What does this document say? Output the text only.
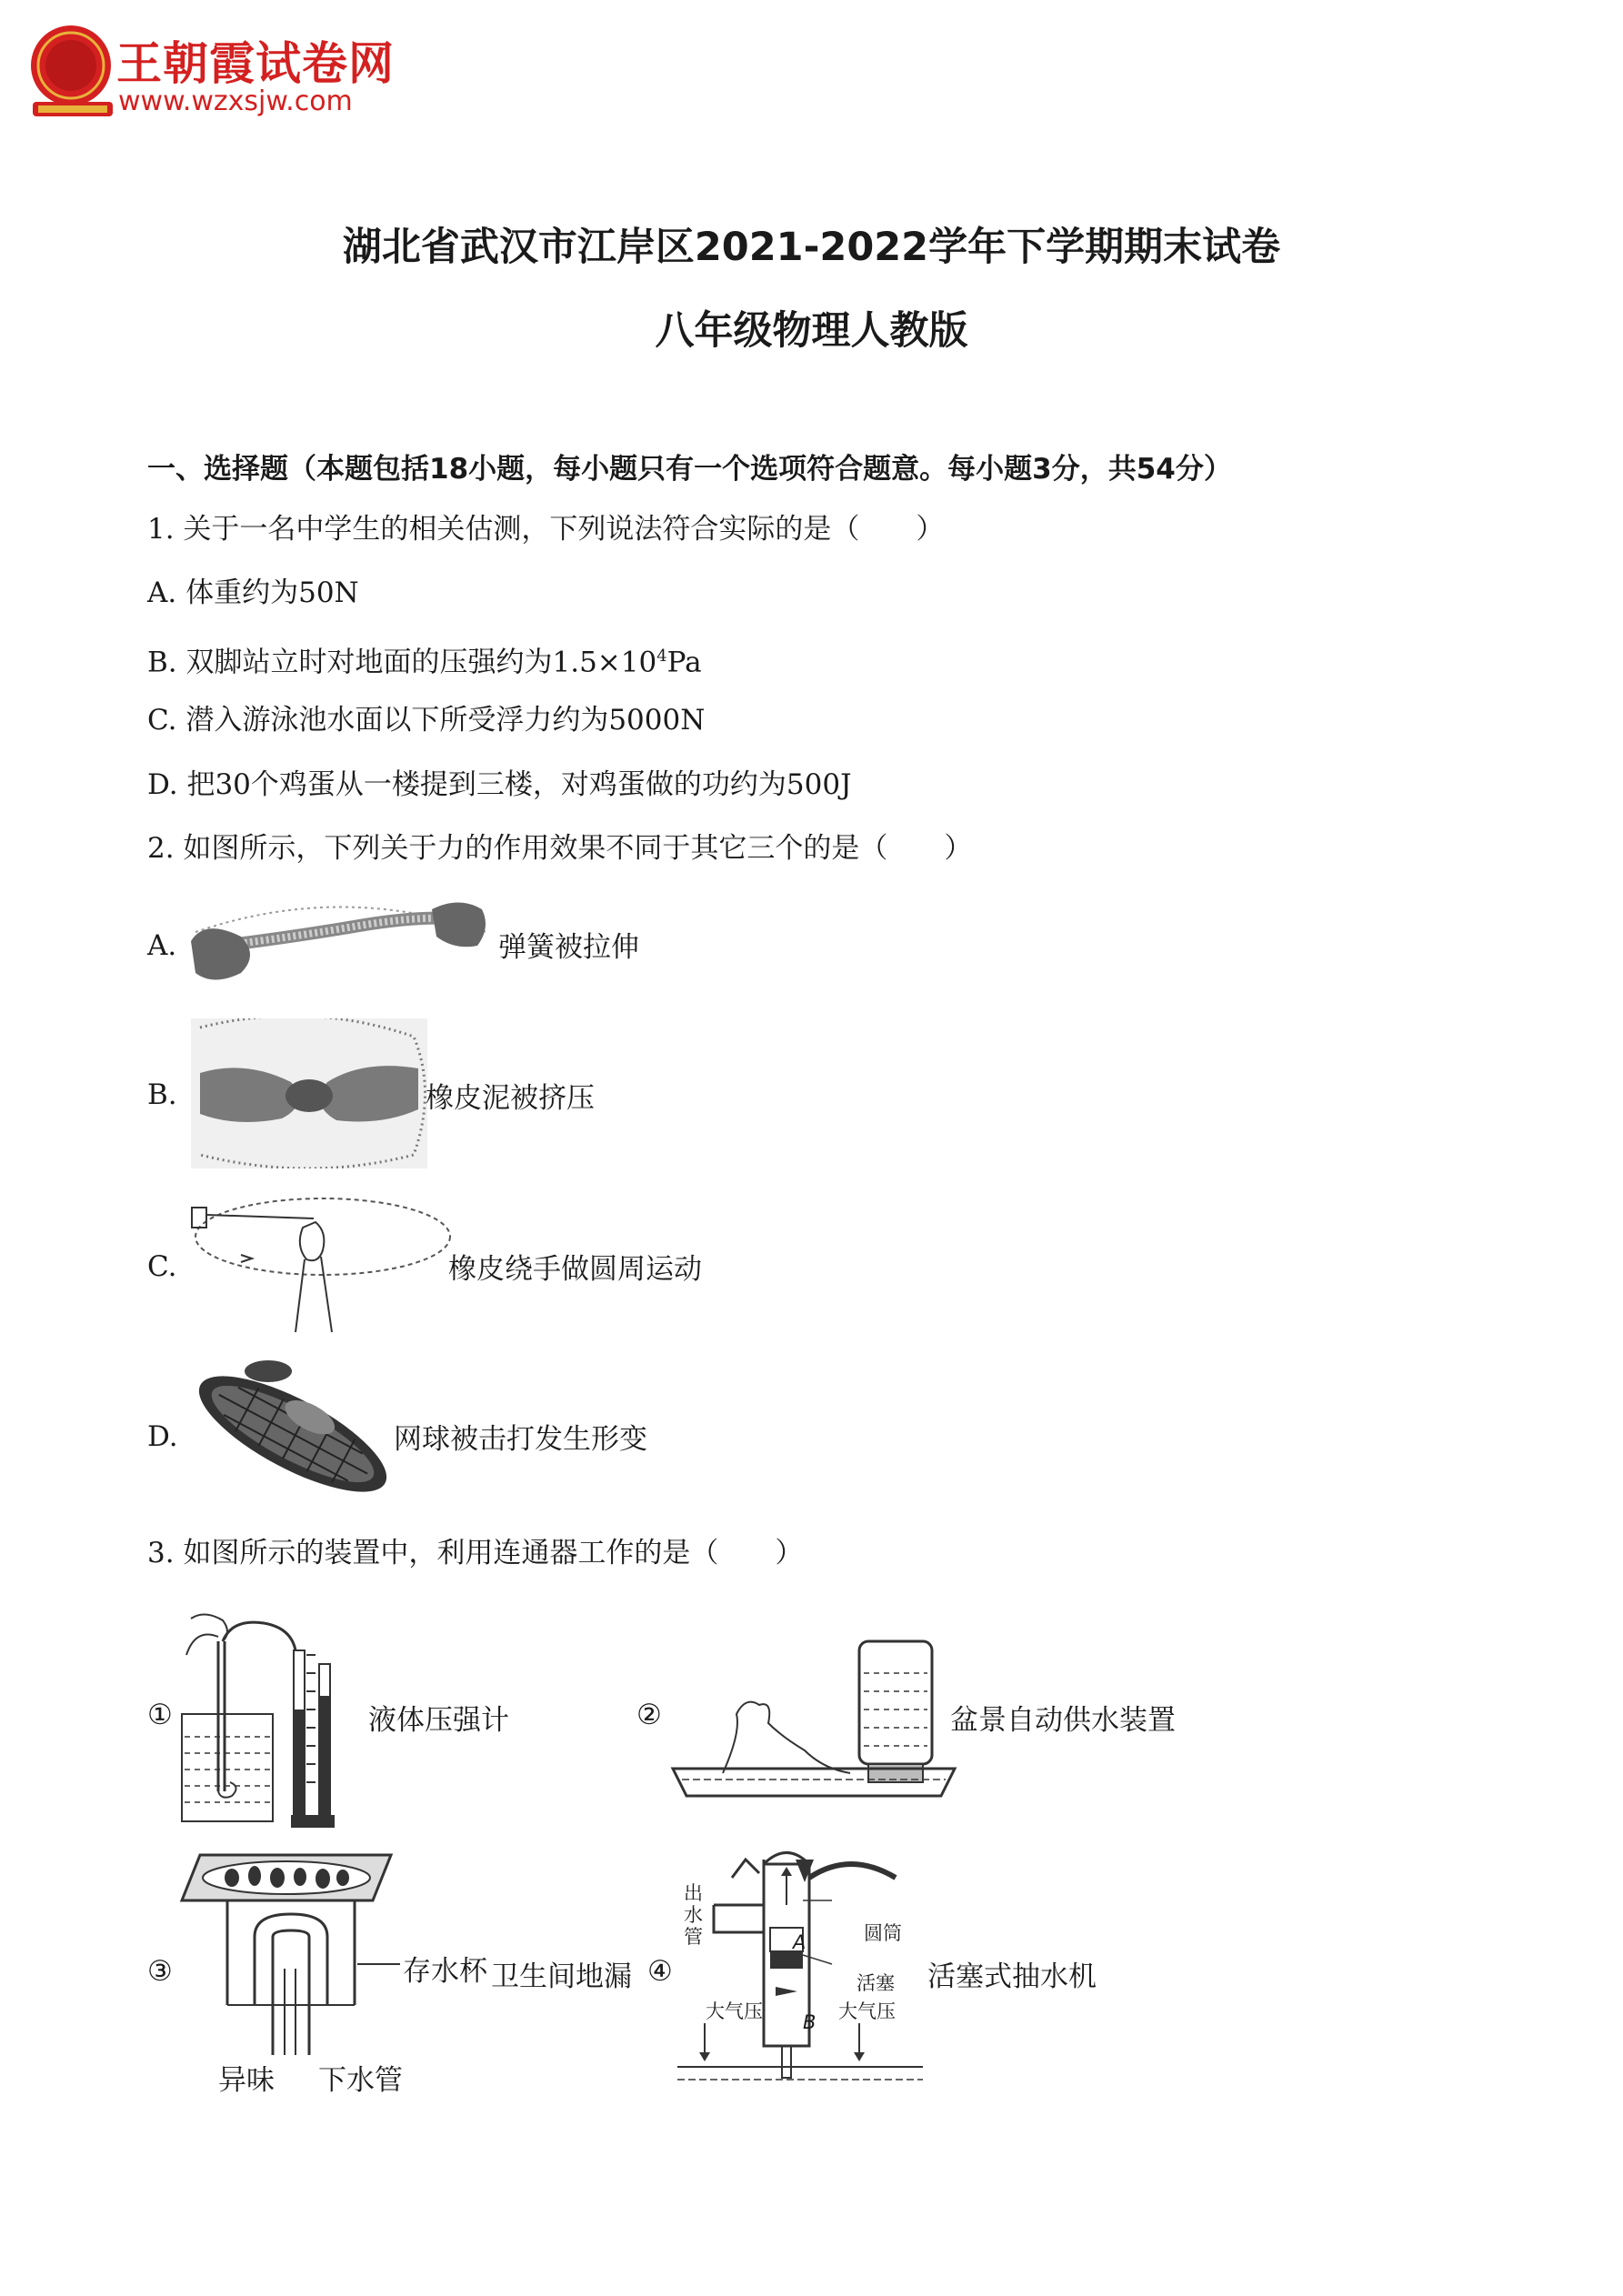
王朝霞试卷网
www.wzxsjw.com
湖北省武汉市江岸区2021-2022学年下学期期末试卷
八年级物理人教版
一、选择题（本题包括18小题，每小题只有一个选项符合题意。每小题3分，共54分）
1. 关于一名中学生的相关估测，下列说法符合实际的是（　　）
A. 体重约为50N
B. 双脚站立时对地面的压强约为$1.5\times 10^4Pa$
C. 潜入游泳池水面以下所受浮力约为5000N
D. 把30个鸡蛋从一楼提到三楼，对鸡蛋做的功约为500J
2. 如图所示，下列关于力的作用效果不同于其它三个的是（　　）
A.	弹簧被拉伸
B.	橡皮泥被挤压
C.	橡皮绕手做圆周运动
D.	网球被击打发生形变
3. 如图所示的装置中，利用连通器工作的是（　　）
①	液体压强计	②	盆景自动供水装置
③	存水杯
异味 下水管
卫生间地漏 ④
出水管	圆筒
活塞
大气压	大气压
A
B
活塞式抽水机
